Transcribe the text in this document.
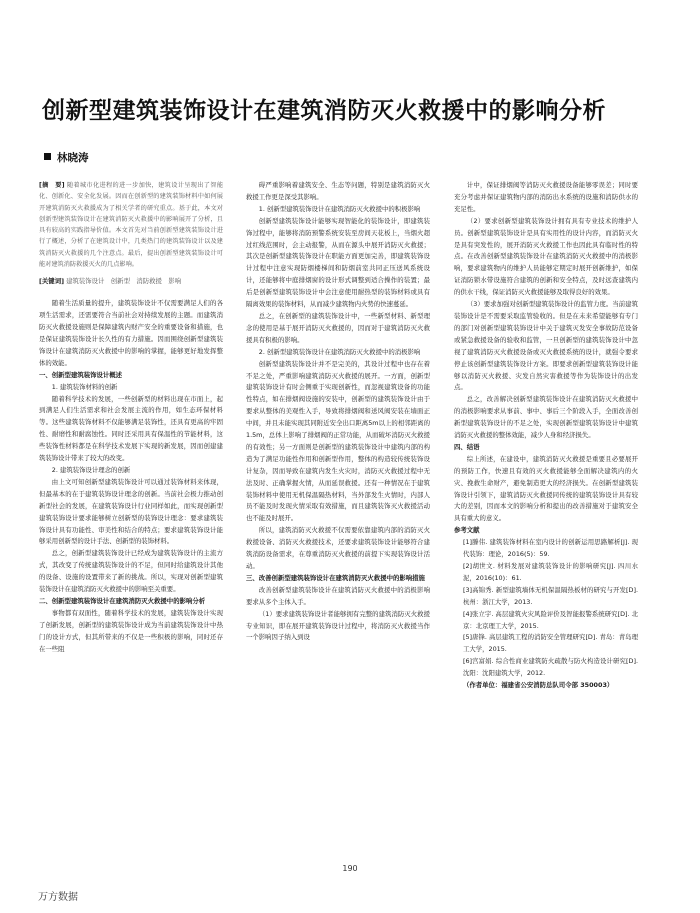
创新型建筑装饰设计在建筑消防灭火救援中的影响分析
林晓涛

[摘　要] 随着城市化进程的进一步加快，建筑设计呈现出了智能化、创新化、安全化发展。因而在创新型的建筑装饰材料中如何展开建筑消防灭火救援成为了相关学者的研究重点。基于此，本文对创新型建筑装饰设计在建筑消防灭火救援中的影响展开了分析，且具有较高的实践指导价值。本文首先对当前创新型建筑装饰设计进行了概述，分析了在建筑设计中，几类热门的建筑装饰设计以及建筑消防灭火救援的几个注意点。最后，提出创新型建筑装饰设计可能对建筑消防救援灭火的几点影响。

[关键词] 建筑装饰设计　创新型　消防救援　影响

随着生活质量的提升，建筑装饰设计不仅需要满足人们的各项生活需求，还需要符合当前社会对持续发展的主题。而建筑消防灭火救援设施则是保障建筑内财产安全的重要设备和措施，也是保证建筑装饰设计长久性的有力措施。因而围绕创新型建筑装饰设计在建筑消防灭火救援中的影响的掌握，能够更好地发挥整体的效能。

一、创新型建筑装饰设计概述

1. 建筑装饰材料的创新

随着科学技术的发展，一些创新型的材料出现在市面上，起到满足人们生活需求和社会发展主流的作用，如生态环保材料等。这些建筑装饰材料不仅能够满足装饰性，还具有更高的牢固性、耐磨性和耐腐蚀性。同时还采用具有保温性的节能材料，这些装饰性材料都是在科学技术发展下实现的新发展，因而创建建筑装饰设计带来了较大的改变。

2. 建筑装饰设计理念的创新

由上文可知创新型建筑装饰设计可以通过装饰材料来体现，但最基本的在于建筑装饰设计理念的创新。当前社会极力推动创新型社会的发展，在建筑装饰设计行业同样如此，而实现创新型建筑装饰设计要求能够树立创新型的装饰设计理念：要求建筑装饰设计具有功能性、审美性和结合的特点；要求建筑装饰设计能够采用创新型的设计手法、创新型的装饰材料。

总之，创新型建筑装饰设计已经成为建筑装饰设计的主流方式，其改变了传统建筑装饰设计的不足，但同时给建筑设计其他的设备、设施的设置带来了新的挑战。所以，实现对创新型建筑装饰设计在建筑消防灭火救援中的影响至关重要。

二、创新型建筑装饰设计在建筑消防灭火救援中的影响分析

事物都有双面性，随着科学技术的发展，建筑装饰设计实现了创新发展，创新型的建筑装饰设计成为当前建筑装饰设计中热门的设计方式，但其所带来的不仅是一些积极的影响，同时还存在一些阻

碍严重影响着建筑安全、生态等问题，特别是建筑消防灭火救援工作更是深受其影响。

1. 创新型建筑装饰设计在建筑消防灭火救援中的积极影响

创新型建筑装饰设计能够实现智能化的装饰设计，即建筑装饰过程中，能够将消防预警系统安装至房间天花板上，当烟火超过红线范围时，会主动报警，从而在源头中展开消防灭火救援；其次是创新型建筑装饰设计在职能方面更加完善，即建筑装饰设计过程中注意实现防烟楼梯间和防烟前室共同正压送风系统设计，还能够将中庭排烟窗的设计形式调整到适合操作的装置；最后是创新型建筑装饰设计中会注意使用耐热型的装饰材料或具有隔离效果的装饰材料，从而减少建筑物内火势的快速蔓延。

总之，在创新型的建筑装饰设计中，一些新型材料、新型理念的使用是基于展开消防灭火救援的，因而对于建筑消防灭火救援具有积极的影响。

2. 创新型建筑装饰设计在建筑消防灭火救援中的消极影响

创新型建筑装饰设计并不是完美的，其设计过程中也存在着不足之处，严重影响建筑消防灭火救援的展开。一方面，创新型建筑装饰设计有时会侧重于实现创新性，而忽视建筑设备的功能性特点，如在排烟阀设施的安装中，创新型的建筑装饰设计由于要求从整体的美观性入手，导致将排烟阀和送风阀安装在墙面正中间，并且未能实现其同附近安全出口距离5m以上的相邻距离的1.5m，总体上影响了排烟阀的正常功能，从而破坏消防灭火救援的有效性；另一方面则是创新型的建筑装饰设计中建筑内部的构造为了满足功能性作用和创新型作用，整体的构造较传统装饰设计复杂，因而导致在建筑内发生火灾时，消防灭火救援过程中无法及时、正确掌握火情，从而延误救援。还有一种情况在于建筑装饰材料中使用无机保温隔热材料，当外部发生火情时，内部人员不能及时发现火情采取有效措施，而且建筑装饰灭火救援活动也不能及时展开。

所以，建筑消防灭火救援不仅需要依靠建筑内部的消防灭火救援设备、消防灭火救援技术，还要求建筑装饰设计能够符合建筑消防设备需求，在尊重消防灭火救援的前提下实现装饰设计活动。

三、改善创新型建筑装饰设计在建筑消防灭火救援中的影响措施

改善创新型建筑装饰设计在建筑消防灭火救援中的消极影响要求从多个主体入手。

（1）要求建筑装饰设计者能够拥有完整的建筑消防灭火救援专业知识，即在展开建筑装饰设计过程中，将消防灭火救援当作一个影响因子纳入到设

计中，保证排烟阀等消防灭火救援设备能够零误差；同时要充分考虑并保证建筑物内部的消防出水系统的设施和消防供水的充足性。

（2）要求创新型建筑装饰设计拥有具有专业技术的维护人员。创新型建筑装饰设计是具有实用性的设计内容，而消防灭火是具有突发性的，展开消防灭火救援工作也因此具有临时性的特点。在改善创新型建筑装饰设计在建筑消防灭火救援中的消极影响，要求建筑物内的维护人员能够定期定时展开创新维护，如保证消防锁水带设施符合建筑的创新和安全特点，及时远查建筑内的供水干线，保证消防灭火救援能够及取得良好的效果。

（3）要求加强对创新型建筑装饰设计的监管力度。当前建筑装饰设计是不需要采取监管验收的。但是在未来希望能够有专门的部门对创新型建筑装饰设计中关于建筑灭发安全事故防范设备或紧急救援设备的验收和监管，一旦创新型的建筑装饰设计中忽视了建筑消防灭火救援设备或灭火救援系统的设计，就强令要求停止该创新型建筑装饰设计方案。即要求创新型建筑装饰设计能够以消防灭火救援、灾发自然灾害救援等作为装饰设计的出发点。

总之，改善解决创新型建筑装饰设计在建筑消防灭火救援中的消极影响要求从事前、事中、事后三个阶段入手，全面改善创新型建筑装饰设计的不足之处，实现创新型建筑装饰设计中建筑消防灭火救援的整体效能，减少人身和经济损失。

四、结语

综上所述，在建设中，建筑消防灭火救援是重要且必要展开的预防工作，快速且有效的灭火救援能够全面解决建筑内的火灾、挽救生命财产，避免制造更大的经济损失。在创新型建筑装饰设计引领下，建筑消防灭火救援同传统的建筑装饰设计具有较大的差别，因而本文的影响分析和提出的改善措施对于建筑安全具有重大的意义。

参考文献

[1]滕伟. 建筑装饰材料在室内设计的创新运用思路解析[J]. 现代装饰：理论，2016(5)：59.

[2]胡世文. 材料发展对建筑装饰设计的影响研究[J]. 四川水泥，2016(10)：61.

[3]高锦秀. 新型建筑墙体无机保温隔热板材的研究与开发[D]. 杭州：浙江大学，2013.

[4]张立宇. 高层建筑火灾风险评价及智能报警系统研究[D]. 北京：北京理工大学，2015.

[5]唐锋. 高层建筑工程的消防安全管理研究[D]. 青岛：青岛理工大学，2015.

[6]宫富娟. 综合性商业建筑防火疏散与防火构造设计研究[D]. 沈阳：沈阳建筑大学，2012.

（作者单位：福建省公安消防总队司令部 350003）

190
万方数据
